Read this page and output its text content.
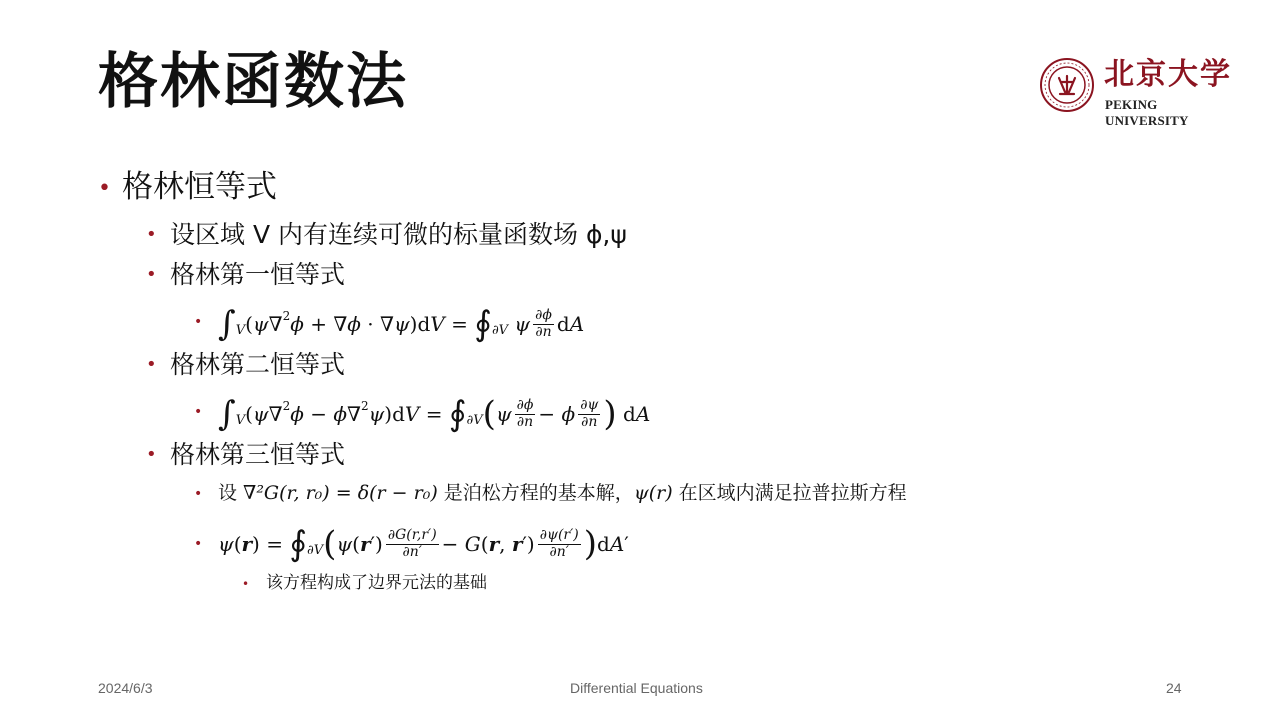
格林函数法	北京大学
PEKING UNIVERSITY
• 格林恒等式
• 设区域 V 内有连续可微的标量函数场 ϕ,ψ
• 格林第一恒等式
• ∫ V ( ψ ∇ 2 ϕ + ∇ ϕ · ∇ ψ )d V = ∮ ∂V ψ $\frac{\partial\phi}{\partial n}$ d A
• 格林第二恒等式
• ∫ V ( ψ ∇ 2 ϕ − ϕ ∇ 2 ψ )d V = ∮ ∂V ( ψ $\frac{\partial\phi}{\partial n} - \phi \frac{\partial\psi}{\partial n}$ ) d A
• 格林第三恒等式
• 设 ∇²G(r, r₀) = δ(r − r₀) 是泊松方程的基本解，ψ(r) 在区域内满足拉普拉斯方程
• ψ ( r ) = ∮ ∂V ( ψ ( r ′) $\frac{\partial G(r,r')}{\partial n'} - G$ ( r , r ′) $\frac{\partial\psi(r')}{\partial n'}$ ) d A ′
• 该方程构成了边界元法的基础
2024/6/3	Differential Equations	24
